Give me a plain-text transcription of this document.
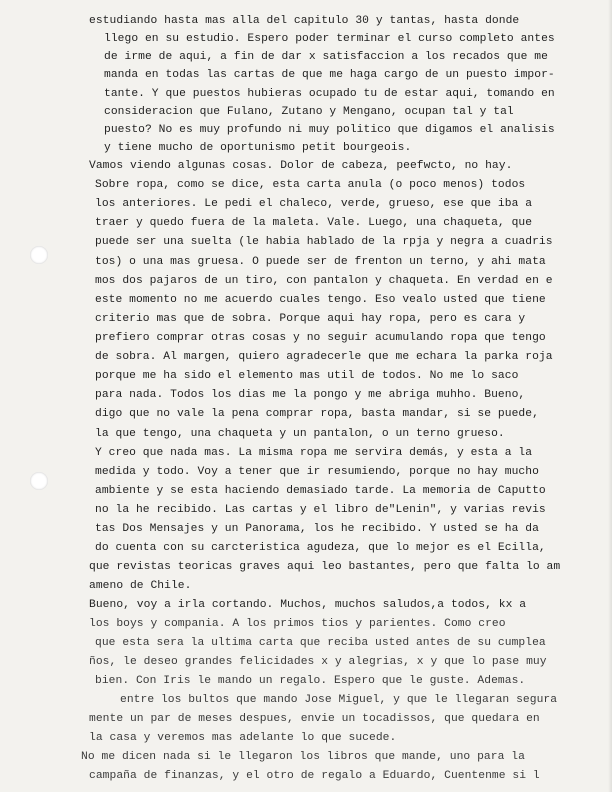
estudiando hasta mas alla del capitulo 30 y tantas, hasta donde
llego en su estudio. Espero poder terminar el curso completo antes
de irme de aqui, a fin de dar x satisfaccion a los recados que me
manda en todas las cartas de que me haga cargo de un puesto impor-
tante. Y que puestos hubieras ocupado tu de estar aqui, tomando en
consideracion que Fulano, Zutano y Mengano, ocupan tal y tal
puesto? No es muy profundo ni muy politico que digamos el analisis
y tiene mucho de oportunismo petit bourgeois.
Vamos viendo algunas cosas. Dolor de cabeza, peefwcto, no hay.
Sobre ropa, como se dice, esta carta anula (o poco menos) todos
los anteriores. Le pedi el chaleco, verde, grueso, ese que iba a
traer y quedo fuera de la maleta. Vale. Luego, una chaqueta, que
puede ser una suelta (le habia hablado de la rpja y negra a cuadris
tos) o una mas gruesa. O puede ser de frenton un terno, y ahi mata
mos dos pajaros de un tiro, con pantalon y chaqueta. En verdad en e
este momento no me acuerdo cuales tengo. Eso vealo usted que tiene
criterio mas que de sobra. Porque aqui hay ropa, pero es cara y
prefiero comprar otras cosas y no seguir acumulando ropa que tengo
de sobra. Al margen, quiero agradecerle que me echara la parka roja
porque me ha sido el elemento mas util de todos. No me lo saco
para nada. Todos los dias me la pongo y me abriga muhho. Bueno,
digo que no vale la pena comprar ropa, basta mandar, si se puede,
la que tengo, una chaqueta y un pantalon, o un terno grueso.
Y creo que nada mas. La misma ropa me servira demás, y esta a la
medida y todo. Voy a tener que ir resumiendo, porque no hay mucho
ambiente y se esta haciendo demasiado tarde. La memoria de Caputto
no la he recibido. Las cartas y el libro de"Lenin", y varias revis
tas Dos Mensajes y un Panorama, los he recibido. Y usted se ha da
do cuenta con su carcteristica agudeza, que lo mejor es el Ecilla,
que revistas teoricas graves aqui leo bastantes, pero que falta lo am
ameno de Chile.
Bueno, voy a irla cortando. Muchos, muchos saludos,a todos, kx a
los boys y compania. A los primos tios y parientes. Como creo
que esta sera la ultima carta que reciba usted antes de su cumplea
ños, le deseo grandes felicidades x y alegrias, x y que lo pase muy
bien. Con Iris le mando un regalo. Espero que le guste. Ademas.
entre los bultos que mando Jose Miguel, y que le llegaran segura
mente un par de meses despues, envie un tocadissos, que quedara en
la casa y veremos mas adelante lo que sucede.
No me dicen nada si le llegaron los libros que mande, uno para la
campaña de finanzas, y el otro de regalo a Eduardo, Cuentenme si l
